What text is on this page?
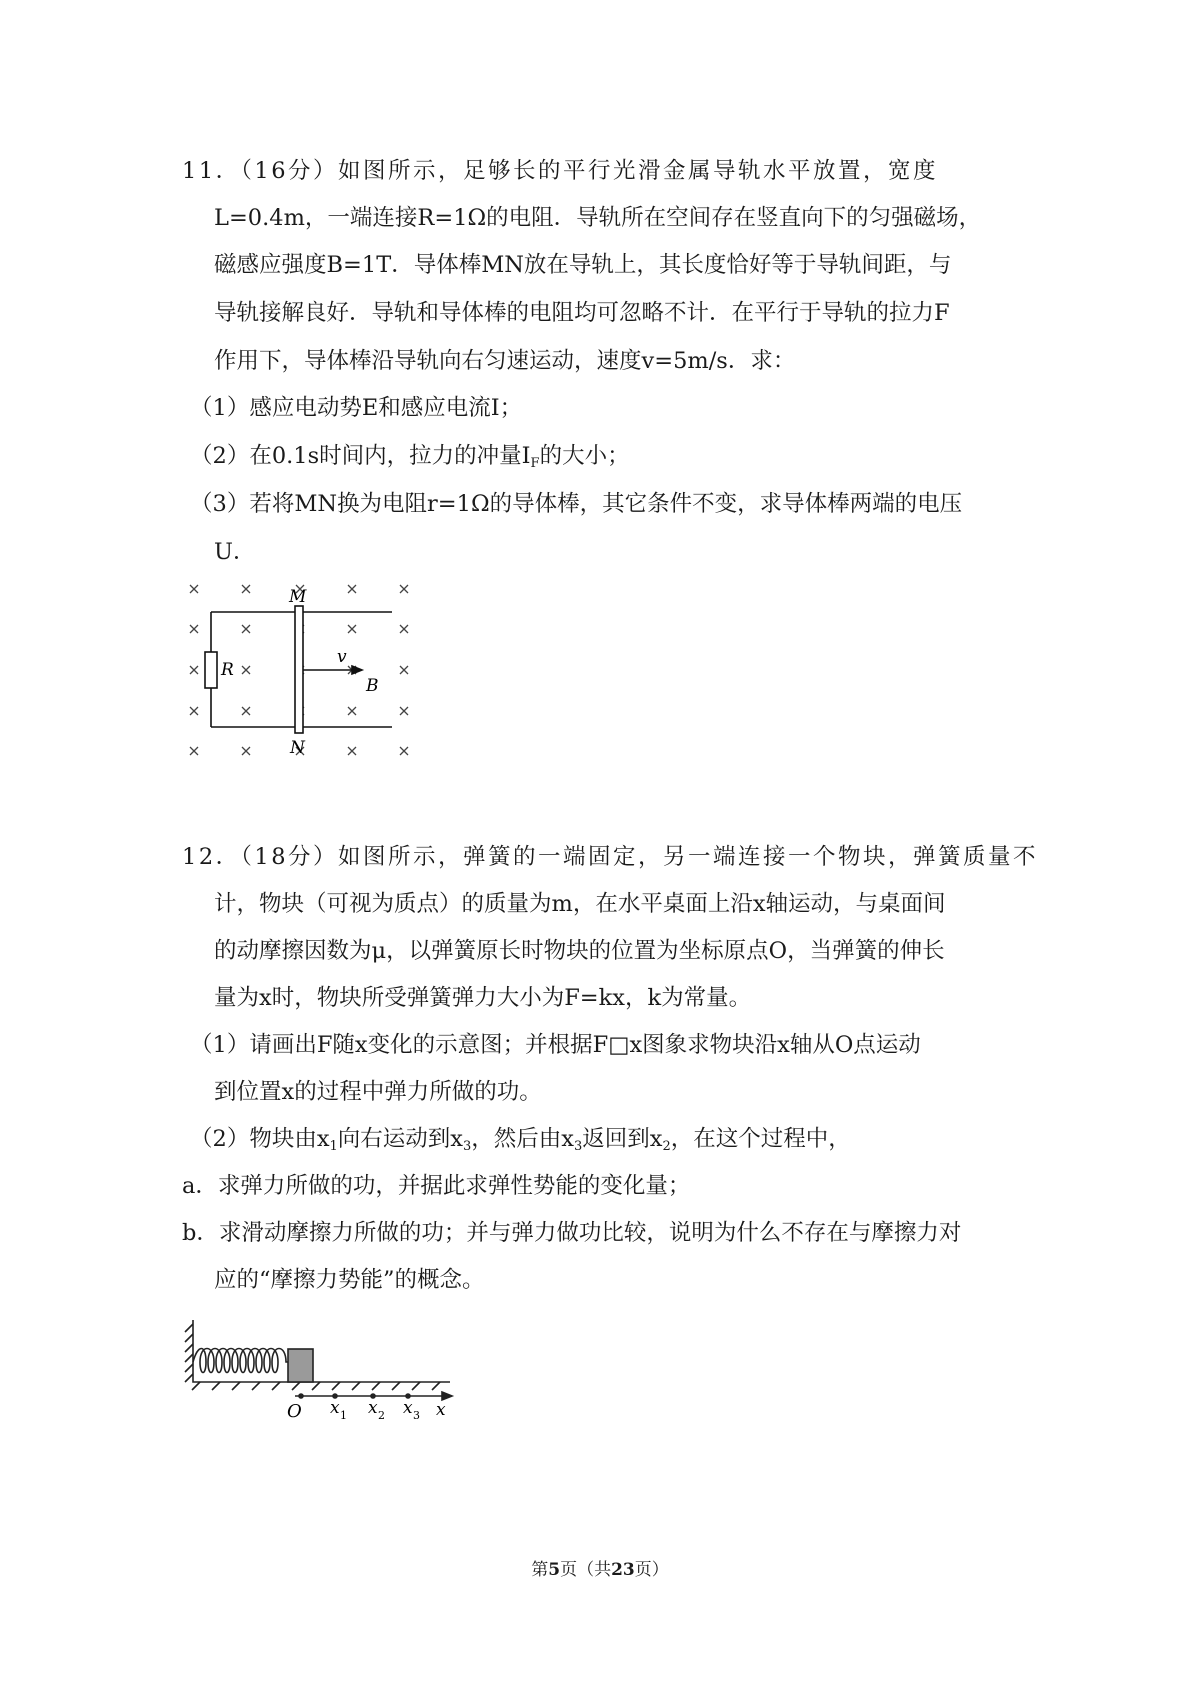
11．（16分）如图所示，足够长的平行光滑金属导轨水平放置，宽度
L=0.4m，一端连接R=1Ω的电阻．导轨所在空间存在竖直向下的匀强磁场，
磁感应强度B=1T．导体棒MN放在导轨上，其长度恰好等于导轨间距，与
导轨接解良好．导轨和导体棒的电阻均可忽略不计．在平行于导轨的拉力F
作用下，导体棒沿导轨向右匀速运动，速度v=5m/s．求：
（1）感应电动势E和感应电流I；
（2）在0.1s时间内，拉力的冲量$I_F$的大小；
（3）若将MN换为电阻r=1Ω的导体棒，其它条件不变，求导体棒两端的电压
U．
R
M
N
v
B
12．（18分）如图所示，弹簧的一端固定，另一端连接一个物块，弹簧质量不
计，物块（可视为质点）的质量为m，在水平桌面上沿x轴运动，与桌面间
的动摩擦因数为μ，以弹簧原长时物块的位置为坐标原点O，当弹簧的伸长
量为x时，物块所受弹簧弹力大小为F=kx，k为常量。
（1）请画出F随x变化的示意图；并根据F□x图象求物块沿x轴从O点运动
到位置x的过程中弹力所做的功。
（2）物块由$x_1$向右运动到$x_3$，然后由$x_3$返回到$x_2$，在这个过程中，
a．求弹力所做的功，并据此求弹性势能的变化量；
b．求滑动摩擦力所做的功；并与弹力做功比较，说明为什么不存在与摩擦力对
应的“摩擦力势能”的概念。
O x 1 x 2 x 3 x
第5页（共23页）
